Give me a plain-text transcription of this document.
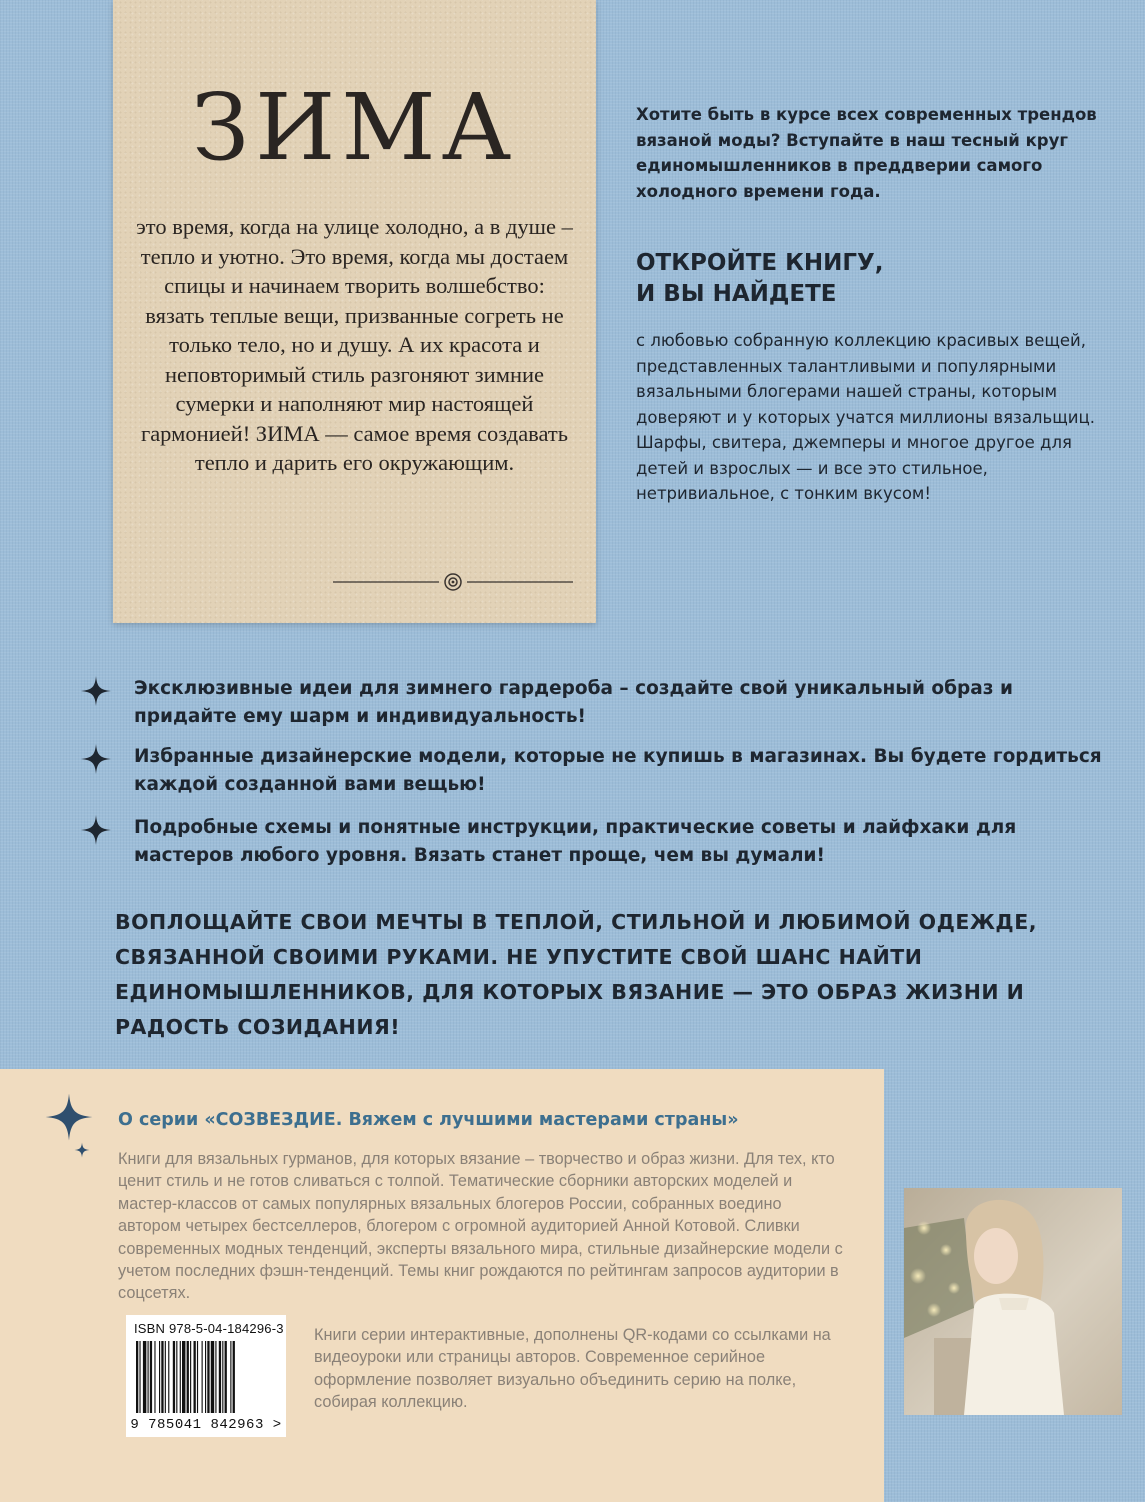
ЗИМА

это время, когда на улице холодно, а в душе – тепло и уютно. Это время, когда мы достаем спицы и начинаем творить волшебство: вязать теплые вещи, призванные согреть не только тело, но и душу. А их красота и неповторимый стиль разгоняют зимние сумерки и наполняют мир настоящей гармонией! ЗИМА — самое время создавать тепло и дарить его окружающим.

Хотите быть в курсе всех современных трендов вязаной моды? Вступайте в наш тесный круг единомышленников в преддверии самого холодного времени года.

ОТКРОЙТЕ КНИГУ,
И ВЫ НАЙДЕТЕ

с любовью собранную коллекцию красивых вещей, представленных талантливыми и популярными вязальными блогерами нашей страны, которым доверяют и у которых учатся миллионы вязальщиц. Шарфы, свитера, джемперы и многое другое для детей и взрослых — и все это стильное, нетривиальное, с тонким вкусом!

Эксклюзивные идеи для зимнего гардероба – создайте свой уникальный образ и придайте ему шарм и индивидуальность!

Избранные дизайнерские модели, которые не купишь в магазинах. Вы будете гордиться каждой созданной вами вещью!

Подробные схемы и понятные инструкции, практические советы и лайфхаки для мастеров любого уровня. Вязать станет проще, чем вы думали!

ВОПЛОЩАЙТЕ СВОИ МЕЧТЫ В ТЕПЛОЙ, СТИЛЬНОЙ И ЛЮБИМОЙ ОДЕЖДЕ, СВЯЗАННОЙ СВОИМИ РУКАМИ. НЕ УПУСТИТЕ СВОЙ ШАНС НАЙТИ ЕДИНОМЫШЛЕННИКОВ, ДЛЯ КОТОРЫХ ВЯЗАНИЕ — ЭТО ОБРАЗ ЖИЗНИ И РАДОСТЬ СОЗИДАНИЯ!

О серии «СОЗВЕЗДИЕ. Вяжем с лучшими мастерами страны»

Книги для вязальных гурманов, для которых вязание – творчество и образ жизни. Для тех, кто ценит стиль и не готов сливаться с толпой. Тематические сборники авторских моделей и мастер-классов от самых популярных вязальных блогеров России, собранных воедино автором четырех бестселлеров, блогером с огромной аудиторией Анной Котовой. Сливки современных модных тенденций, эксперты вязального мира, стильные дизайнерские модели с учетом последних фэшн-тенденций. Темы книг рождаются по рейтингам запросов аудитории в соцсетях.

ISBN 978-5-04-184296-3

9 785041 842963 >

Книги серии интерактивные, дополнены QR-кодами со ссылками на видеоуроки или страницы авторов. Современное серийное оформление позволяет визуально объединить серию на полке, собирая коллекцию.
